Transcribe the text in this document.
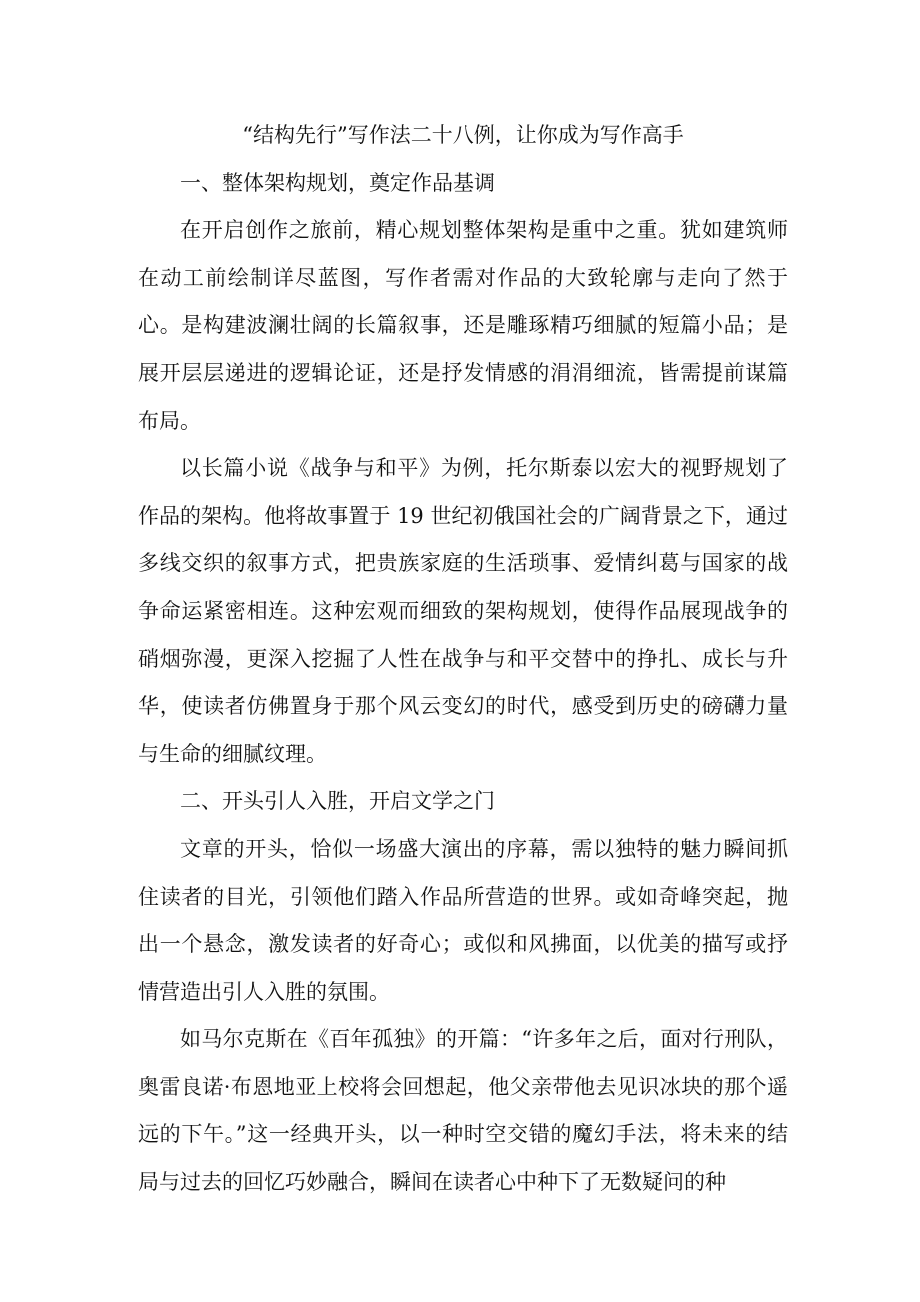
“结构先行”写作法二十八例，让你成为写作高手
一、整体架构规划，奠定作品基调

在开启创作之旅前，精心规划整体架构是重中之重。犹如建筑师在动工前绘制详尽蓝图，写作者需对作品的大致轮廓与走向了然于心。是构建波澜壮阔的长篇叙事，还是雕琢精巧细腻的短篇小品；是展开层层递进的逻辑论证，还是抒发情感的涓涓细流，皆需提前谋篇布局。

以长篇小说《战争与和平》为例，托尔斯泰以宏大的视野规划了作品的架构。他将故事置于 19 世纪初俄国社会的广阔背景之下，通过多线交织的叙事方式，把贵族家庭的生活琐事、爱情纠葛与国家的战争命运紧密相连。这种宏观而细致的架构规划，使得作品展现战争的硝烟弥漫，更深入挖掘了人性在战争与和平交替中的挣扎、成长与升华，使读者仿佛置身于那个风云变幻的时代，感受到历史的磅礴力量与生命的细腻纹理。

二、开头引人入胜，开启文学之门

文章的开头，恰似一场盛大演出的序幕，需以独特的魅力瞬间抓住读者的目光，引领他们踏入作品所营造的世界。或如奇峰突起，抛出一个悬念，激发读者的好奇心；或似和风拂面，以优美的描写或抒情营造出引人入胜的氛围。

如马尔克斯在《百年孤独》的开篇：“许多年之后，面对行刑队，奥雷良诺·布恩地亚上校将会回想起，他父亲带他去见识冰块的那个遥远的下午。”这一经典开头，以一种时空交错的魔幻手法，将未来的结局与过去的回忆巧妙融合，瞬间在读者心中种下了无数疑问的种
